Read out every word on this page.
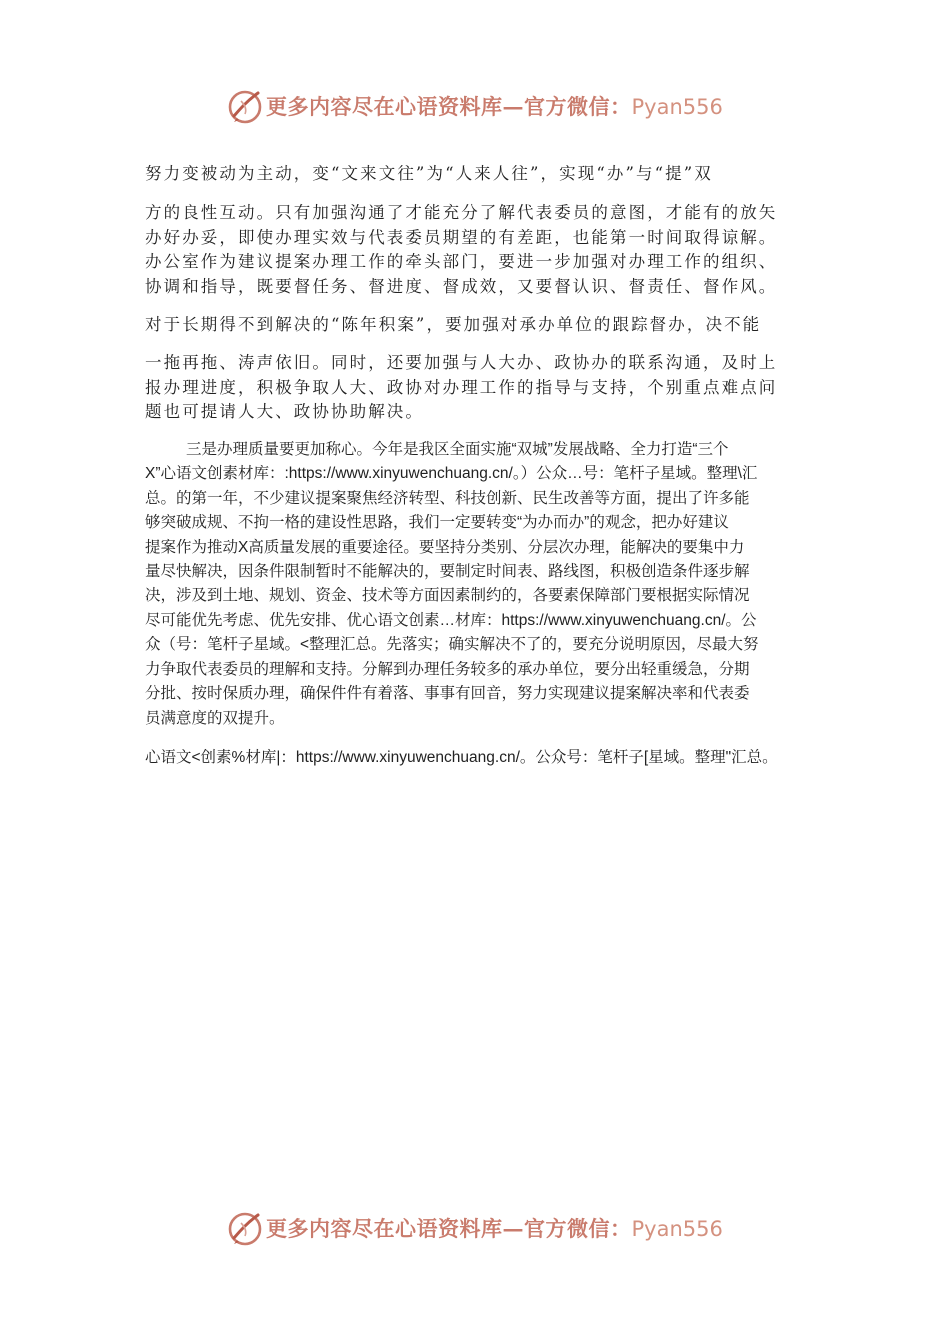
更多内容尽在心语资料库—官方微信：Pyan556
努力变被动为主动，变“文来文往”为“人来人往”，实现“办”与“提”双
方的良性互动。只有加强沟通了才能充分了解代表委员的意图，才能有的放矢
办好办妥，即使办理实效与代表委员期望的有差距，也能第一时间取得谅解。
办公室作为建议提案办理工作的牵头部门，要进一步加强对办理工作的组织、
协调和指导，既要督任务、督进度、督成效，又要督认识、督责任、督作风。
对于长期得不到解决的“陈年积案”，要加强对承办单位的跟踪督办，决不能
一拖再拖、涛声依旧。同时，还要加强与人大办、政协办的联系沟通，及时上
报办理进度，积极争取人大、政协对办理工作的指导与支持，个别重点难点问
题也可提请人大、政协协助解决。
三是办理质量要更加称心。今年是我区全面实施“双城”发展战略、全力打造“三个
X”心语文创素材库：:https://www.xinyuwenchuang.cn/。）公众…号：笔杆子星域。整理\汇
总。的第一年，不少建议提案聚焦经济转型、科技创新、民生改善等方面，提出了许多能
够突破成规、不拘一格的建设性思路，我们一定要转变“为办而办”的观念，把办好建议
提案作为推动X高质量发展的重要途径。要坚持分类别、分层次办理，能解决的要集中力
量尽快解决，因条件限制暂时不能解决的，要制定时间表、路线图，积极创造条件逐步解
决，涉及到土地、规划、资金、技术等方面因素制约的，各要素保障部门要根据实际情况
尽可能优先考虑、优先安排、优心语文创素…材库：https://www.xinyuwenchuang.cn/。公
众（号：笔杆子星域。<整理汇总。先落实；确实解决不了的，要充分说明原因，尽最大努
力争取代表委员的理解和支持。分解到办理任务较多的承办单位，要分出轻重缓急，分期
分批、按时保质办理，确保件件有着落、事事有回音，努力实现建议提案解决率和代表委
员满意度的双提升。
心语文<创素%材库|：https://www.xinyuwenchuang.cn/。公众号：笔杆子[星域。整理"汇总。
更多内容尽在心语资料库—官方微信：Pyan556
